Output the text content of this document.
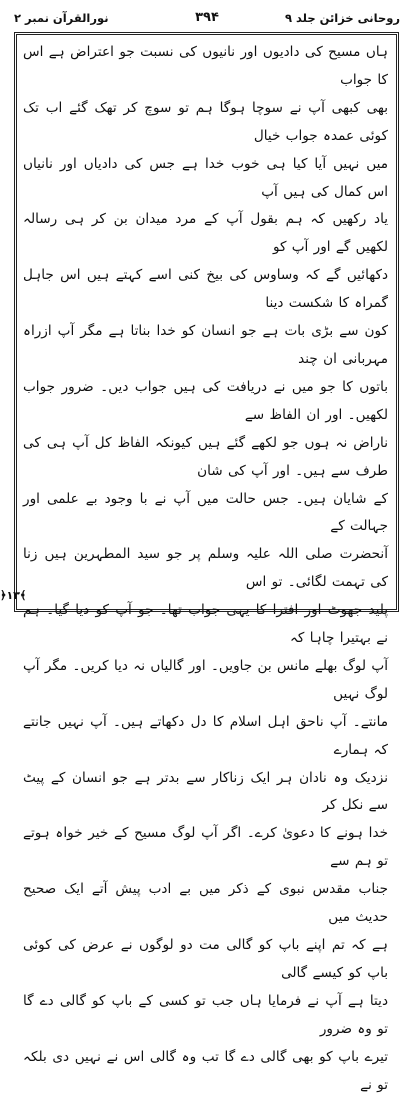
روحانی خزائن جلد ۹
۳۹۴
نورالقرآن نمبر ۲
ہاں مسیح کی دادیوں اور نانیوں کی نسبت جو اعتراض ہے اس کا جواب
بھی کبھی آپ نے سوچا ہوگا ہم تو سوچ کر تھک گئے اب تک کوئی عمدہ جواب خیال
میں نہیں آیا کیا ہی خوب خدا ہے جس کی دادیاں اور نانیاں اس کمال کی ہیں آپ
یاد رکھیں کہ ہم بقول آپ کے مرد میدان بن کر ہی رسالہ لکھیں گے اور آپ کو
دکھائیں گے کہ وساوس کی بیخ کنی اسے کہتے ہیں اس جاہل گمراہ کا شکست دینا
کون سے بڑی بات ہے جو انسان کو خدا بناتا ہے مگر آپ ازراہ مہربانی ان چند
باتوں کا جو میں نے دریافت کی ہیں جواب دیں۔ ضرور جواب لکھیں۔ اور ان الفاظ سے
ناراض نہ ہوں جو لکھے گئے ہیں کیونکہ الفاظ کل آپ ہی کی طرف سے ہیں۔ اور آپ کی شان
کے شایان ہیں۔ جس حالت میں آپ نے با وجود بے علمی اور جہالت کے
آنحضرت صلی اللہ علیہ وسلم پر جو سید المطہرین ہیں زنا کی تہمت لگائی۔ تو اس
پلید جھوٹ اور افترا کا یہی جواب تھا۔ جو آپ کو دیا گیا۔ ہم نے بہتیرا چاہا کہ
آپ لوگ بھلے مانس بن جاویں۔ اور گالیاں نہ دیا کریں۔ مگر آپ لوگ نہیں
مانتے۔ آپ ناحق اہل اسلام کا دل دکھاتے ہیں۔ آپ نہیں جانتے کہ ہمارے
نزدیک وہ نادان ہر ایک زناکار سے بدتر ہے جو انسان کے پیٹ سے نکل کر
خدا ہونے کا دعویٰ کرے۔ اگر آپ لوگ مسیح کے خیر خواہ ہوتے تو ہم سے
جناب مقدس نبوی کے ذکر میں بے ادب پیش آتے ایک صحیح حدیث میں
ہے کہ تم اپنے باپ کو گالی مت دو لوگوں نے عرض کی کوئی باپ کو کیسے گالی
دیتا ہے آپ نے فرمایا ہاں جب تو کسی کے باپ کو گالی دے گا تو وہ ضرور
تیرے باپ کو بھی گالی دے گا تب وہ گالی اس نے نہیں دی بلکہ تو نے
﴿۱۳﴾
